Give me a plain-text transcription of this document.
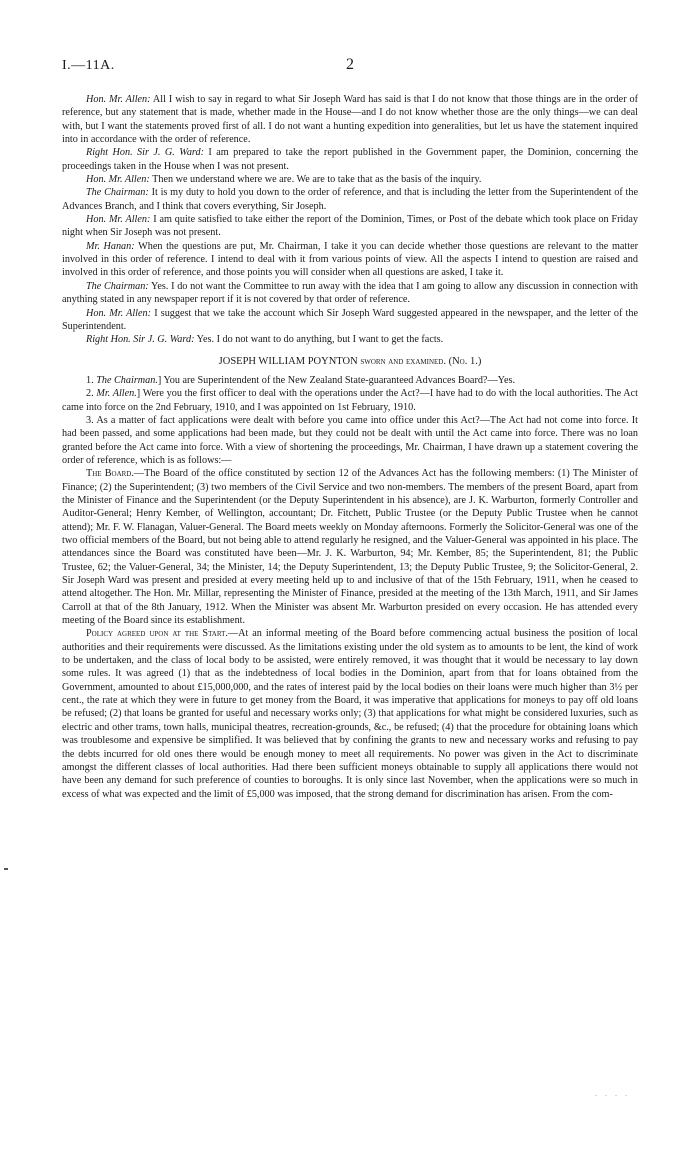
I.—11A.	2

Hon. Mr. Allen: All I wish to say in regard to what Sir Joseph Ward has said is that I do not know that those things are in the order of reference, but any statement that is made, whether made in the House—and I do not know whether those are the only things—we can deal with, but I want the statements proved first of all. I do not want a hunting expedition into generalities, but let us have the statement inquired into in accordance with the order of reference.

Right Hon. Sir J. G. Ward: I am prepared to take the report published in the Government paper, the Dominion, concerning the proceedings taken in the House when I was not present.

Hon. Mr. Allen: Then we understand where we are. We are to take that as the basis of the inquiry.

The Chairman: It is my duty to hold you down to the order of reference, and that is including the letter from the Superintendent of the Advances Branch, and I think that covers everything, Sir Joseph.

Hon. Mr. Allen: I am quite satisfied to take either the report of the Dominion, Times, or Post of the debate which took place on Friday night when Sir Joseph was not present.

Mr. Hanan: When the questions are put, Mr. Chairman, I take it you can decide whether those questions are relevant to the matter involved in this order of reference. I intend to deal with it from various points of view. All the aspects I intend to question are raised and involved in this order of reference, and those points you will consider when all questions are asked, I take it.

The Chairman: Yes. I do not want the Committee to run away with the idea that I am going to allow any discussion in connection with anything stated in any newspaper report if it is not covered by that order of reference.

Hon. Mr. Allen: I suggest that we take the account which Sir Joseph Ward suggested appeared in the newspaper, and the letter of the Superintendent.

Right Hon. Sir J. G. Ward: Yes. I do not want to do anything, but I want to get the facts.

JOSEPH WILLIAM POYNTON sworn and examined. (No. 1.)

1. The Chairman.] You are Superintendent of the New Zealand State-guaranteed Advances Board?—Yes.

2. Mr. Allen.] Were you the first officer to deal with the operations under the Act?—I have had to do with the local authorities. The Act came into force on the 2nd February, 1910, and I was appointed on 1st February, 1910.

3. As a matter of fact applications were dealt with before you came into office under this Act?—The Act had not come into force. It had been passed, and some applications had been made, but they could not be dealt with until the Act came into force. There was no loan granted before the Act came into force. With a view of shortening the proceedings, Mr. Chairman, I have drawn up a statement covering the order of reference, which is as follows:—

The Board.—The Board of the office constituted by section 12 of the Advances Act has the following members: (1) The Minister of Finance; (2) the Superintendent; (3) two members of the Civil Service and two non-members. The members of the present Board, apart from the Minister of Finance and the Superintendent (or the Deputy Superintendent in his absence), are J. K. Warburton, formerly Controller and Auditor-General; Henry Kember, of Wellington, accountant; Dr. Fitchett, Public Trustee (or the Deputy Public Trustee when he cannot attend); Mr. F. W. Flanagan, Valuer-General. The Board meets weekly on Monday afternoons. Formerly the Solicitor-General was one of the two official members of the Board, but not being able to attend regularly he resigned, and the Valuer-General was appointed in his place. The attendances since the Board was constituted have been—Mr. J. K. Warburton, 94; Mr. Kember, 85; the Superintendent, 81; the Public Trustee, 62; the Valuer-General, 34; the Minister, 14; the Deputy Superintendent, 13; the Deputy Public Trustee, 9; the Solicitor-General, 2. Sir Joseph Ward was present and presided at every meeting held up to and inclusive of that of the 15th February, 1911, when he ceased to attend altogether. The Hon. Mr. Millar, representing the Minister of Finance, presided at the meeting of the 13th March, 1911, and Sir James Carroll at that of the 8th January, 1912. When the Minister was absent Mr. Warburton presided on every occasion. He has attended every meeting of the Board since its establishment.

Policy agreed upon at the Start.—At an informal meeting of the Board before commencing actual business the position of local authorities and their requirements were discussed. As the limitations existing under the old system as to amounts to be lent, the kind of work to be undertaken, and the class of local body to be assisted, were entirely removed, it was thought that it would be necessary to lay down some rules. It was agreed (1) that as the indebtedness of local bodies in the Dominion, apart from that for loans obtained from the Government, amounted to about £15,000,000, and the rates of interest paid by the local bodies on their loans were much higher than 3½ per cent., the rate at which they were in future to get money from the Board, it was imperative that applications for moneys to pay off old loans be refused; (2) that loans be granted for useful and necessary works only; (3) that applications for what might be considered luxuries, such as electric and other trams, town halls, municipal theatres, recreation-grounds, &c., be refused; (4) that the procedure for obtaining loans which was troublesome and expensive be simplified. It was believed that by confining the grants to new and necessary works and refusing to pay the debts incurred for old ones there would be enough money to meet all requirements. No power was given in the Act to discriminate amongst the different classes of local authorities. Had there been sufficient moneys obtainable to supply all applications there would not have been any demand for such preference of counties to boroughs. It is only since last November, when the applications were so much in excess of what was expected and the limit of £5,000 was imposed, that the strong demand for discrimination has arisen. From the com-

. . . .
